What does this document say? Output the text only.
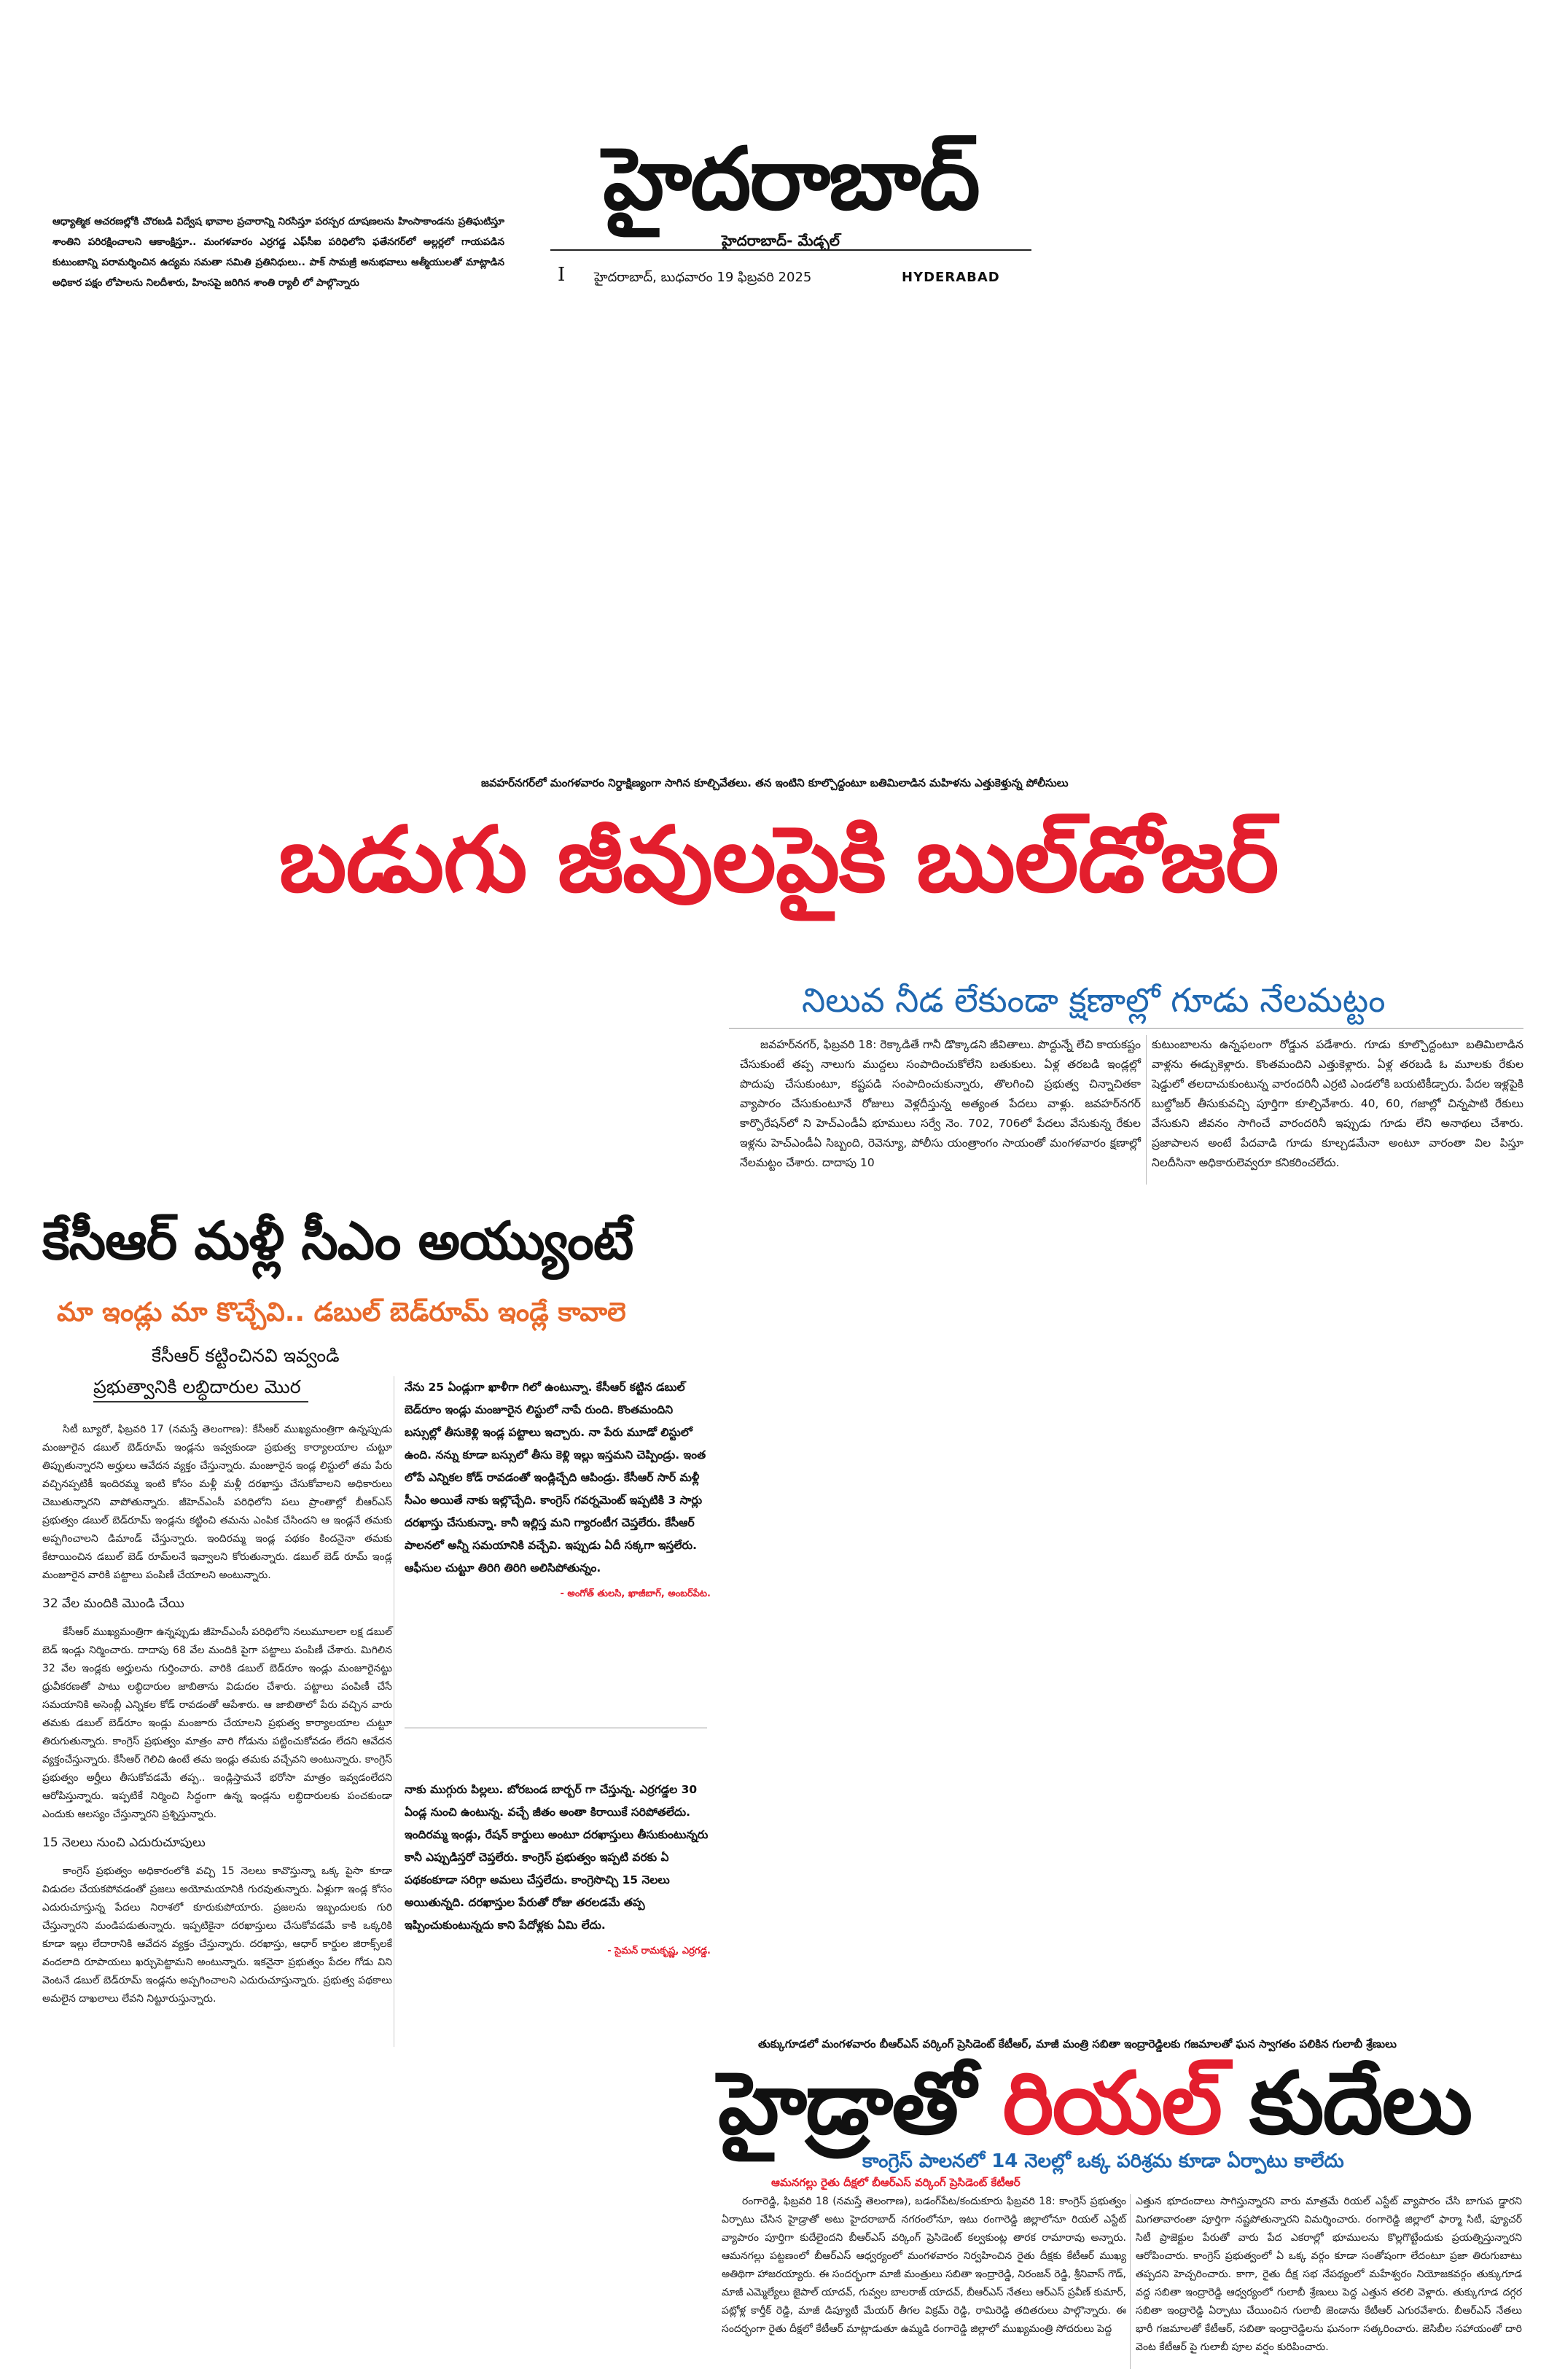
హైదరాబాద్
హైదరాబాద్- మేడ్చల్
I హైదరాబాద్, బుధవారం 19 ఫిబ్రవరి 2025	HYDERABAD
ఆధ్యాత్మిక ఆచరణల్లోకి చొరబడి విద్వేష భావాల ప్రచారాన్ని నిరసిస్తూ పరస్పర దూషణలను హింసాకాండను ప్రతిఘటిస్తూ శాంతిని పరిరక్షించాలని ఆకాంక్షిస్తూ.. మంగళవారం ఎర్రగడ్డ ఎఫ్‌సీఐ పరిధిలోని ఫతేనగర్‌లో అల్లర్లలో గాయపడిన కుటుంబాన్ని పరామర్శించిన ఉద్యమ సమతా సమితి ప్రతినిధులు.. పాక్ సామజ్రీ అనుభవాలు ఆత్మీయులతో మాట్లాడిన అధికార పక్షం లోపాలను నిలదీశారు, హింసపై జరిగిన శాంతి ర్యాలీ లో పాల్గొన్నారు
జవహర్‌నగర్‌లో మంగళవారం నిర్దాక్షిణ్యంగా సాగిన కూల్చివేతలు. తన ఇంటిని కూల్చొద్దంటూ బతిమిలాడిన మహిళను ఎత్తుకెళ్తున్న పోలీసులు
బడుగు జీవులపైకి బుల్‌డోజర్
నిలువ నీడ లేకుండా క్షణాల్లో గూడు నేలమట్టం

జవహర్‌నగర్, ఫిబ్రవరి 18: రెక్కాడితే గానీ డొక్కాడని జీవితాలు. పొద్దున్నే లేచి కాయకష్టం చేసుకుంటే తప్ప నాలుగు ముద్దలు సంపాదించుకోలేని బతుకులు. ఏళ్ల తరబడి ఇండ్లల్లో పొదుపు చేసుకుంటూ, కష్టపడి సంపాదించుకున్నారు, తొలగించి ప్రభుత్వ చిన్నాచితకా వ్యాపారం చేసుకుంటూనే రోజులు వెళ్లదీస్తున్న అత్యంత పేదలు వాళ్లు. జవహర్‌నగర్ కార్పొరేషన్‌లో ని హెచ్ఎండీఏ భూములు సర్వే నెం. 702, 706లో పేదలు వేసుకున్న రేకుల ఇళ్లను హెచ్ఎండీఏ సిబ్బంది, రెవెన్యూ, పోలీసు యంత్రాంగం సాయంతో మంగళవారం క్షణాల్లో నేలమట్టం చేశారు. దాదాపు 10

కుటుంబాలను ఉన్నఫలంగా రోడ్డున పడేశారు. గూడు కూల్చొద్దంటూ బతిమిలాడిన వాళ్లను ఈడ్చుకెళ్లారు. కొంతమందిని ఎత్తుకెళ్లారు. ఏళ్ల తరబడి ఓ మూలకు రేకుల షెడ్డులో తలదాచుకుంటున్న వారందరినీ ఎర్రటి ఎండలోకి బయటికీడ్చారు. పేదల ఇళ్లపైకి బుల్డోజర్ తీసుకువచ్చి పూర్తిగా కూల్చివేశారు. 40, 60, గజాల్లో చిన్నపాటి రేకులు వేసుకుని జీవనం సాగించే వారందరినీ ఇప్పుడు గూడు లేని అనాథలు చేశారు. ప్రజాపాలన అంటే పేదవాడి గూడు కూల్చడమేనా అంటూ వారంతా విల పిస్తూ నిలదీసినా అధికారులెవ్వరూ కనికరించలేదు.

కేసీఆర్ మళ్లీ సీఎం అయ్యుంటే
మా ఇండ్లు మా కొచ్చేవి.. డబుల్ బెడ్‌రూమ్ ఇండ్లే కావాలె
కేసీఆర్ కట్టించినవి ఇవ్వండి
ప్రభుత్వానికి లబ్ధిదారుల మొర

సిటీ బ్యూరో, ఫిబ్రవరి 17 (నమస్తే తెలంగాణ): కేసీఆర్ ముఖ్యమంత్రిగా ఉన్నప్పుడు మంజూరైన డబుల్ బెడ్‌రూమ్ ఇండ్లను ఇవ్వకుండా ప్రభుత్వ కార్యాలయాల చుట్టూ తిప్పుతున్నారని అర్హులు ఆవేదన వ్యక్తం చేస్తున్నారు. మంజూరైన ఇండ్ల లిస్టులో తమ పేరు వచ్చినప్పటికీ ఇందిరమ్మ ఇంటి కోసం మళ్లీ మళ్లీ దరఖాస్తు చేసుకోవాలని అధికారులు చెబుతున్నారని వాపోతున్నారు. జీహెచ్ఎంసీ పరిధిలోని పలు ప్రాంతాల్లో బీఆర్ఎస్ ప్రభుత్వం డబుల్ బెడ్‌రూమ్ ఇండ్లను కట్టించి తమను ఎంపిక చేసిందని ఆ ఇండ్లనే తమకు అప్పగించాలని డిమాండ్ చేస్తున్నారు. ఇందిరమ్మ ఇండ్ల పథకం కిందనైనా తమకు కేటాయించిన డబుల్ బెడ్ రూమ్‌లనే ఇవ్వాలని కోరుతున్నారు. డబుల్ బెడ్ రూమ్ ఇండ్ల మంజూరైన వారికి పట్టాలు పంపిణీ చేయాలని అంటున్నారు.

32 వేల మందికి మొండి చేయి

కేసీఆర్ ముఖ్యమంత్రిగా ఉన్నప్పుడు జీహెచ్ఎంసీ పరిధిలోని నలుమూలలా లక్ష డబుల్ బెడ్ ఇండ్లు నిర్మించారు. దాదాపు 68 వేల మందికి పైగా పట్టాలు పంపిణీ చేశారు. మిగిలిన 32 వేల ఇండ్లకు అర్హులను గుర్తించారు. వారికి డబుల్ బెడ్‌రూం ఇండ్లు మంజూరైనట్టు ధ్రువీకరణతో పాటు లబ్ధిదారుల జాబితాను విడుదల చేశారు. పట్టాలు పంపిణీ చేసే సమయానికి అసెంబ్లీ ఎన్నికల కోడ్ రావడంతో ఆపేశారు. ఆ జాబితాలో పేరు వచ్చిన వారు తమకు డబుల్ బెడ్‌రూం ఇండ్లు మంజూరు చేయాలని ప్రభుత్వ కార్యాలయాల చుట్టూ తిరుగుతున్నారు. కాంగ్రెస్ ప్రభుత్వం మాత్రం వారి గోడును పట్టించుకోవడం లేదని ఆవేదన వ్యక్తంచేస్తున్నారు. కేసీఆర్ గెలిచి ఉంటే తమ ఇండ్లు తమకు వచ్చేవని అంటున్నారు. కాంగ్రెస్ ప్రభుత్వం అర్హీలు తీసుకోవడమే తప్ప.. ఇండ్లిస్తామనే భరోసా మాత్రం ఇవ్వడంలేదని ఆరోపిస్తున్నారు. ఇప్పటికే నిర్మించి సిద్ధంగా ఉన్న ఇండ్లను లబ్ధిదారులకు పంచకుండా ఎందుకు ఆలస్యం చేస్తున్నారని ప్రశ్నిస్తున్నారు.

15 నెలలు నుంచి ఎదురుచూపులు

కాంగ్రెస్ ప్రభుత్వం అధికారంలోకి వచ్చి 15 నెలలు కావొస్తున్నా ఒక్క పైసా కూడా విడుదల చేయకపోవడంతో ప్రజలు అయోమయానికి గురవుతున్నారు. ఏళ్లుగా ఇండ్ల కోసం ఎదురుచూస్తున్న పేదలు నిరాశలో కూరుకుపోయారు. ప్రజలను ఇబ్బందులకు గురి చేస్తున్నారని మండిపడుతున్నారు. ఇప్పటికైనా దరఖాస్తులు చేసుకోవడమే కాకి ఒక్కరికి కూడా ఇల్లు లేదారానికి ఆవేదన వ్యక్తం చేస్తున్నారు. దరఖాస్తు, ఆధార్ కార్డుల జిరాక్స్‌లకే వందలాది రూపాయలు ఖర్చుపెట్టామని అంటున్నారు. ఇకనైనా ప్రభుత్వం పేదల గోడు విని వెంటనే డబుల్ బెడ్‌రూమ్ ఇండ్లను అప్పగించాలని ఎదురుచూస్తున్నారు. ప్రభుత్వ పథకాలు అమలైన దాఖలాలు లేవని నిట్టూరుస్తున్నారు.

నేను 25 ఏండ్లుగా ఖాళీగా గిలో ఉంటున్నా. కేసీఆర్ కట్టిన డబుల్ బెడ్‌రూం ఇండ్లు మంజూరైన లిస్టులో నాపే రుంది. కొంతమందిని బస్సుల్లో తీసుకెళ్లి ఇండ్ల పట్టాలు ఇచ్చారు. నా పేరు మూడో లిస్టులో ఉంది. నన్ను కూడా బస్సులో తీసు కెళ్లి ఇల్లు ఇస్తమని చెప్పిండ్రు. ఇంత లోపే ఎన్నికల కోడ్ రావడంతో ఇండ్లిచ్చేది ఆపిండ్రు. కేసీఆర్ సార్ మళ్లీ సీఎం అయితే నాకు ఇల్లొచ్చేది. కాంగ్రెస్ గవర్నమెంట్ ఇప్పటికి 3 సార్లు దరఖాస్తు చేసుకున్నా. కానీ ఇల్లిస్త మని గ్యారంటీగ చెప్తలేరు. కేసీఆర్ పాలనలో అన్నీ సమయానికి వచ్చేవి. ఇప్పుడు ఏదీ సక్కగా ఇస్తలేరు. ఆఫీసుల చుట్టూ తిరిగి తిరిగి అలిసిపోతున్నం.
- అంగోత్ తులసి, ఖాజీబాగ్, అంబర్‌పేట.
నాకు ముగ్గురు పిల్లలు. బోరబండ బార్బర్ గా చేస్తున్న. ఎర్రగడ్డల 30 ఏండ్ల నుంచి ఉంటున్న. వచ్చే జీతం అంతా కిరాయికే సరిపోతలేదు. ఇందిరమ్మ ఇండ్లు, రేషన్ కార్డులు అంటూ దరఖాస్తులు తీసుకుంటున్నరు కానీ ఎప్పుడిస్తరో చెప్తలేరు. కాంగ్రెస్ ప్రభుత్వం ఇప్పటి వరకు ఏ పథకంకూడా సరిగ్గా అమలు చేస్తలేదు. కాంగ్రెసొచ్చి 15 నెలలు అయితున్నది. దరఖాస్తుల పేరుతో రోజు తరలడమే తప్ప ఇప్పించుకుంటున్నదు కాని పేదోళ్లకు ఏమి లేదు.
- సైమన్ రామకృష్ణ, ఎర్రగడ్డ.
తుక్కుగూడలో మంగళవారం బీఆర్ఎస్ వర్కింగ్ ప్రెసిడెంట్ కేటీఆర్, మాజీ మంత్రి సబితా ఇంద్రారెడ్డిలకు గజమాలతో ఘన స్వాగతం పలికిన గులాబీ శ్రేణులు
హైడ్రాతో రియల్ కుదేలు
కాంగ్రెస్ పాలనలో 14 నెలల్లో ఒక్క పరిశ్రమ కూడా ఏర్పాటు కాలేదు
ఆమనగల్లు రైతు దీక్షలో బీఆర్ఎస్ వర్కింగ్ ప్రెసిడెంట్ కేటీఆర్

రంగారెడ్డి, ఫిబ్రవరి 18 (నమస్తే తెలంగాణ), బడంగ్‌పేట/కందుకూరు ఫిబ్రవరి 18: కాంగ్రెస్ ప్రభుత్వం ఏర్పాటు చేసిన హైడ్రాతో అటు హైదరాబాద్ నగరంలోనూ, ఇటు రంగారెడ్డి జిల్లాలోనూ రియల్ ఎస్టేట్ వ్యాపారం పూర్తిగా కుదేలైందని బీఆర్ఎస్ వర్కింగ్ ప్రెసిడెంట్ కల్వకుంట్ల తారక రామారావు అన్నారు. ఆమనగల్లు పట్టణంలో బీఆర్ఎస్ ఆధ్వర్యంలో మంగళవారం నిర్వహించిన రైతు దీక్షకు కేటీఆర్ ముఖ్య అతిథిగా హాజరయ్యారు. ఈ సందర్భంగా మాజీ మంత్రులు సబితా ఇంద్రారెడ్డి, నిరంజన్ రెడ్డి, శ్రీనివాస్ గౌడ్, మాజీ ఎమ్మెల్యేలు జైపాల్ యాదవ్, గువ్వల బాలరాజ్ యాదవ్, బీఆర్ఎస్ నేతలు ఆర్ఎస్ ప్రవీణ్ కుమార్, పట్లోళ్ల కార్తీక్ రెడ్డి, మాజీ డిప్యూటీ మేయర్ తీగల విక్రమ్ రెడ్డి, రామిరెడ్డి తదితరులు పాల్గొన్నారు. ఈ సందర్భంగా రైతు దీక్షలో కేటీఆర్ మాట్లాడుతూ ఉమ్మడి రంగారెడ్డి జిల్లాలో ముఖ్యమంత్రి సోదరులు పెద్ద

ఎత్తున భూదందాలు సాగిస్తున్నారని వారు మాత్రమే రియల్ ఎస్టేట్ వ్యాపారం చేసి బాగుప డ్డారని మిగతావారంతా పూర్తిగా నష్టపోతున్నారని విమర్శించారు. రంగారెడ్డి జిల్లాలో ఫార్మా సిటీ, ఫ్యూచర్ సిటీ ప్రాజెక్టుల పేరుతో వారు పేద ఎకరాల్లో భూములను కొల్లగొట్టేందుకు ప్రయత్నిస్తున్నారని ఆరోపించారు. కాంగ్రెస్ ప్రభుత్వంలో ఏ ఒక్క వర్గం కూడా సంతోషంగా లేదంటూ ప్రజా తిరుగుబాటు తప్పదని హెచ్చరించారు. కాగా, రైతు దీక్ష సభ నేపథ్యంలో మహేశ్వరం నియోజకవర్గం తుక్కుగూడ వద్ద సబితా ఇంద్రారెడ్డి ఆధ్వర్యంలో గులాబీ శ్రేణులు పెద్ద ఎత్తున తరలి వెళ్లారు. తుక్కుగూడ దగ్గర సబితా ఇంద్రారెడ్డి ఏర్పాటు చేయించిన గులాబీ జెండాను కేటీఆర్ ఎగురవేశారు. బీఆర్ఎస్ నేతలు భారీ గజమాలతో కేటీఆర్, సబితా ఇంద్రారెడ్డిలను ఘనంగా సత్కరించారు. జెసిబీల సహాయంతో దారి వెంట కేటీఆర్ పై గులాబీ పూల వర్షం కురిపించారు.
